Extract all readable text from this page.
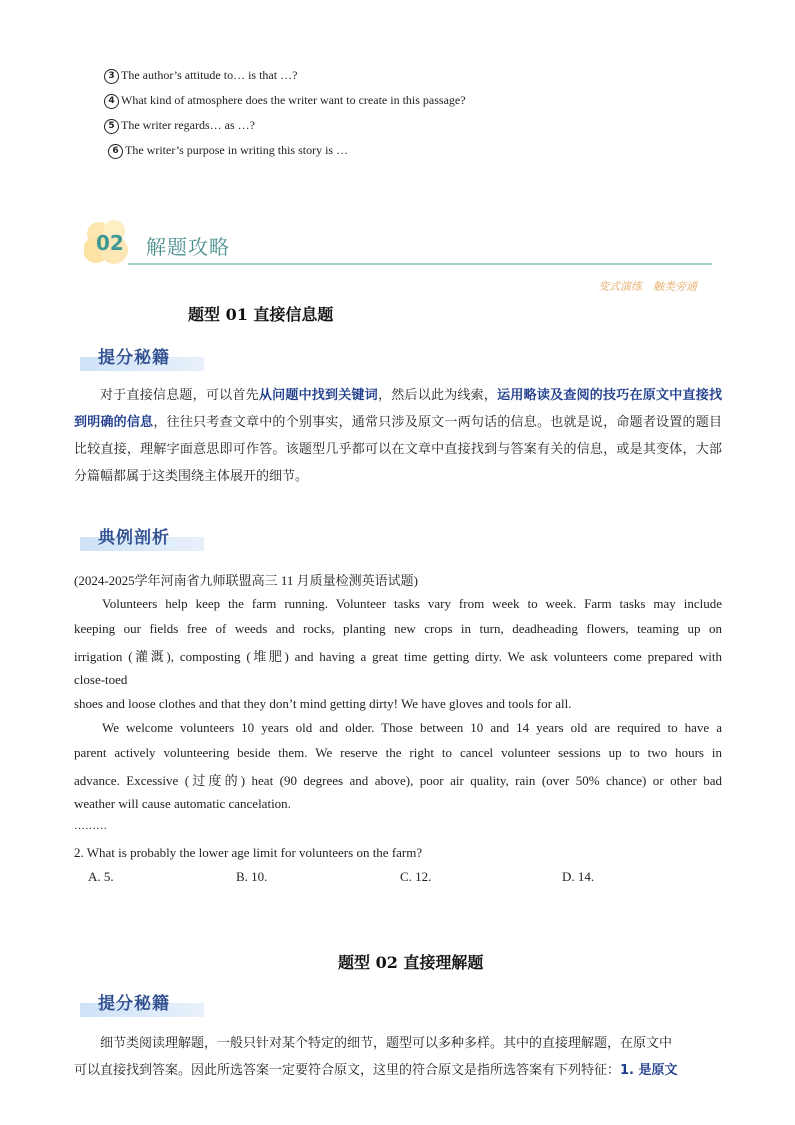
3 The author’s attitude to… is that …?
4 What kind of atmosphere does the writer want to create in this passage?
5 The writer regards… as …?
6 The writer’s purpose in writing this story is …
02 解题攻略
变式演练　触类旁通
题型 01 直接信息题
提分秘籍
对于直接信息题，可以首先从问题中找到关键词，然后以此为线索，运用略读及查阅的技巧在原文中直接找到明确的信息，往往只考查文章中的个别事实，通常只涉及原文一两句话的信息。也就是说，命题者设置的题目比较直接，理解字面意思即可作答。该题型几乎都可以在文章中直接找到与答案有关的信息，或是其变体，大部分篇幅都属于这类围绕主体展开的细节。
典例剖析
(2024-2025学年河南省九师联盟高三 11 月质量检测英语试题)
Volunteers help keep the farm running. Volunteer tasks vary from week to week. Farm tasks may include
keeping our fields free of weeds and rocks, planting new crops in turn, deadheading flowers, teaming up on
irrigation (灌溉), composting (堆肥) and having a great time getting dirty. We ask volunteers come prepared with
close-toed
shoes and loose clothes and that they don’t mind getting dirty! We have gloves and tools for all.
We welcome volunteers 10 years old and older. Those between 10 and 14 years old are required to have a
parent actively volunteering beside them. We reserve the right to cancel volunteer sessions up to two hours in
advance. Excessive (过度的) heat (90 degrees and above), poor air quality, rain (over 50% chance) or other bad
weather will cause automatic cancelation.
………
2. What is probably the lower age limit for volunteers on the farm?
A. 5.	B. 10.	C. 12.	D. 14.
题型 02 直接理解题
提分秘籍
细节类阅读理解题，一般只针对某个特定的细节，题型可以多种多样。其中的直接理解题，在原文中
可以直接找到答案。因此所选答案一定要符合原文，这里的符合原文是指所选答案有下列特征：1. 是原文
